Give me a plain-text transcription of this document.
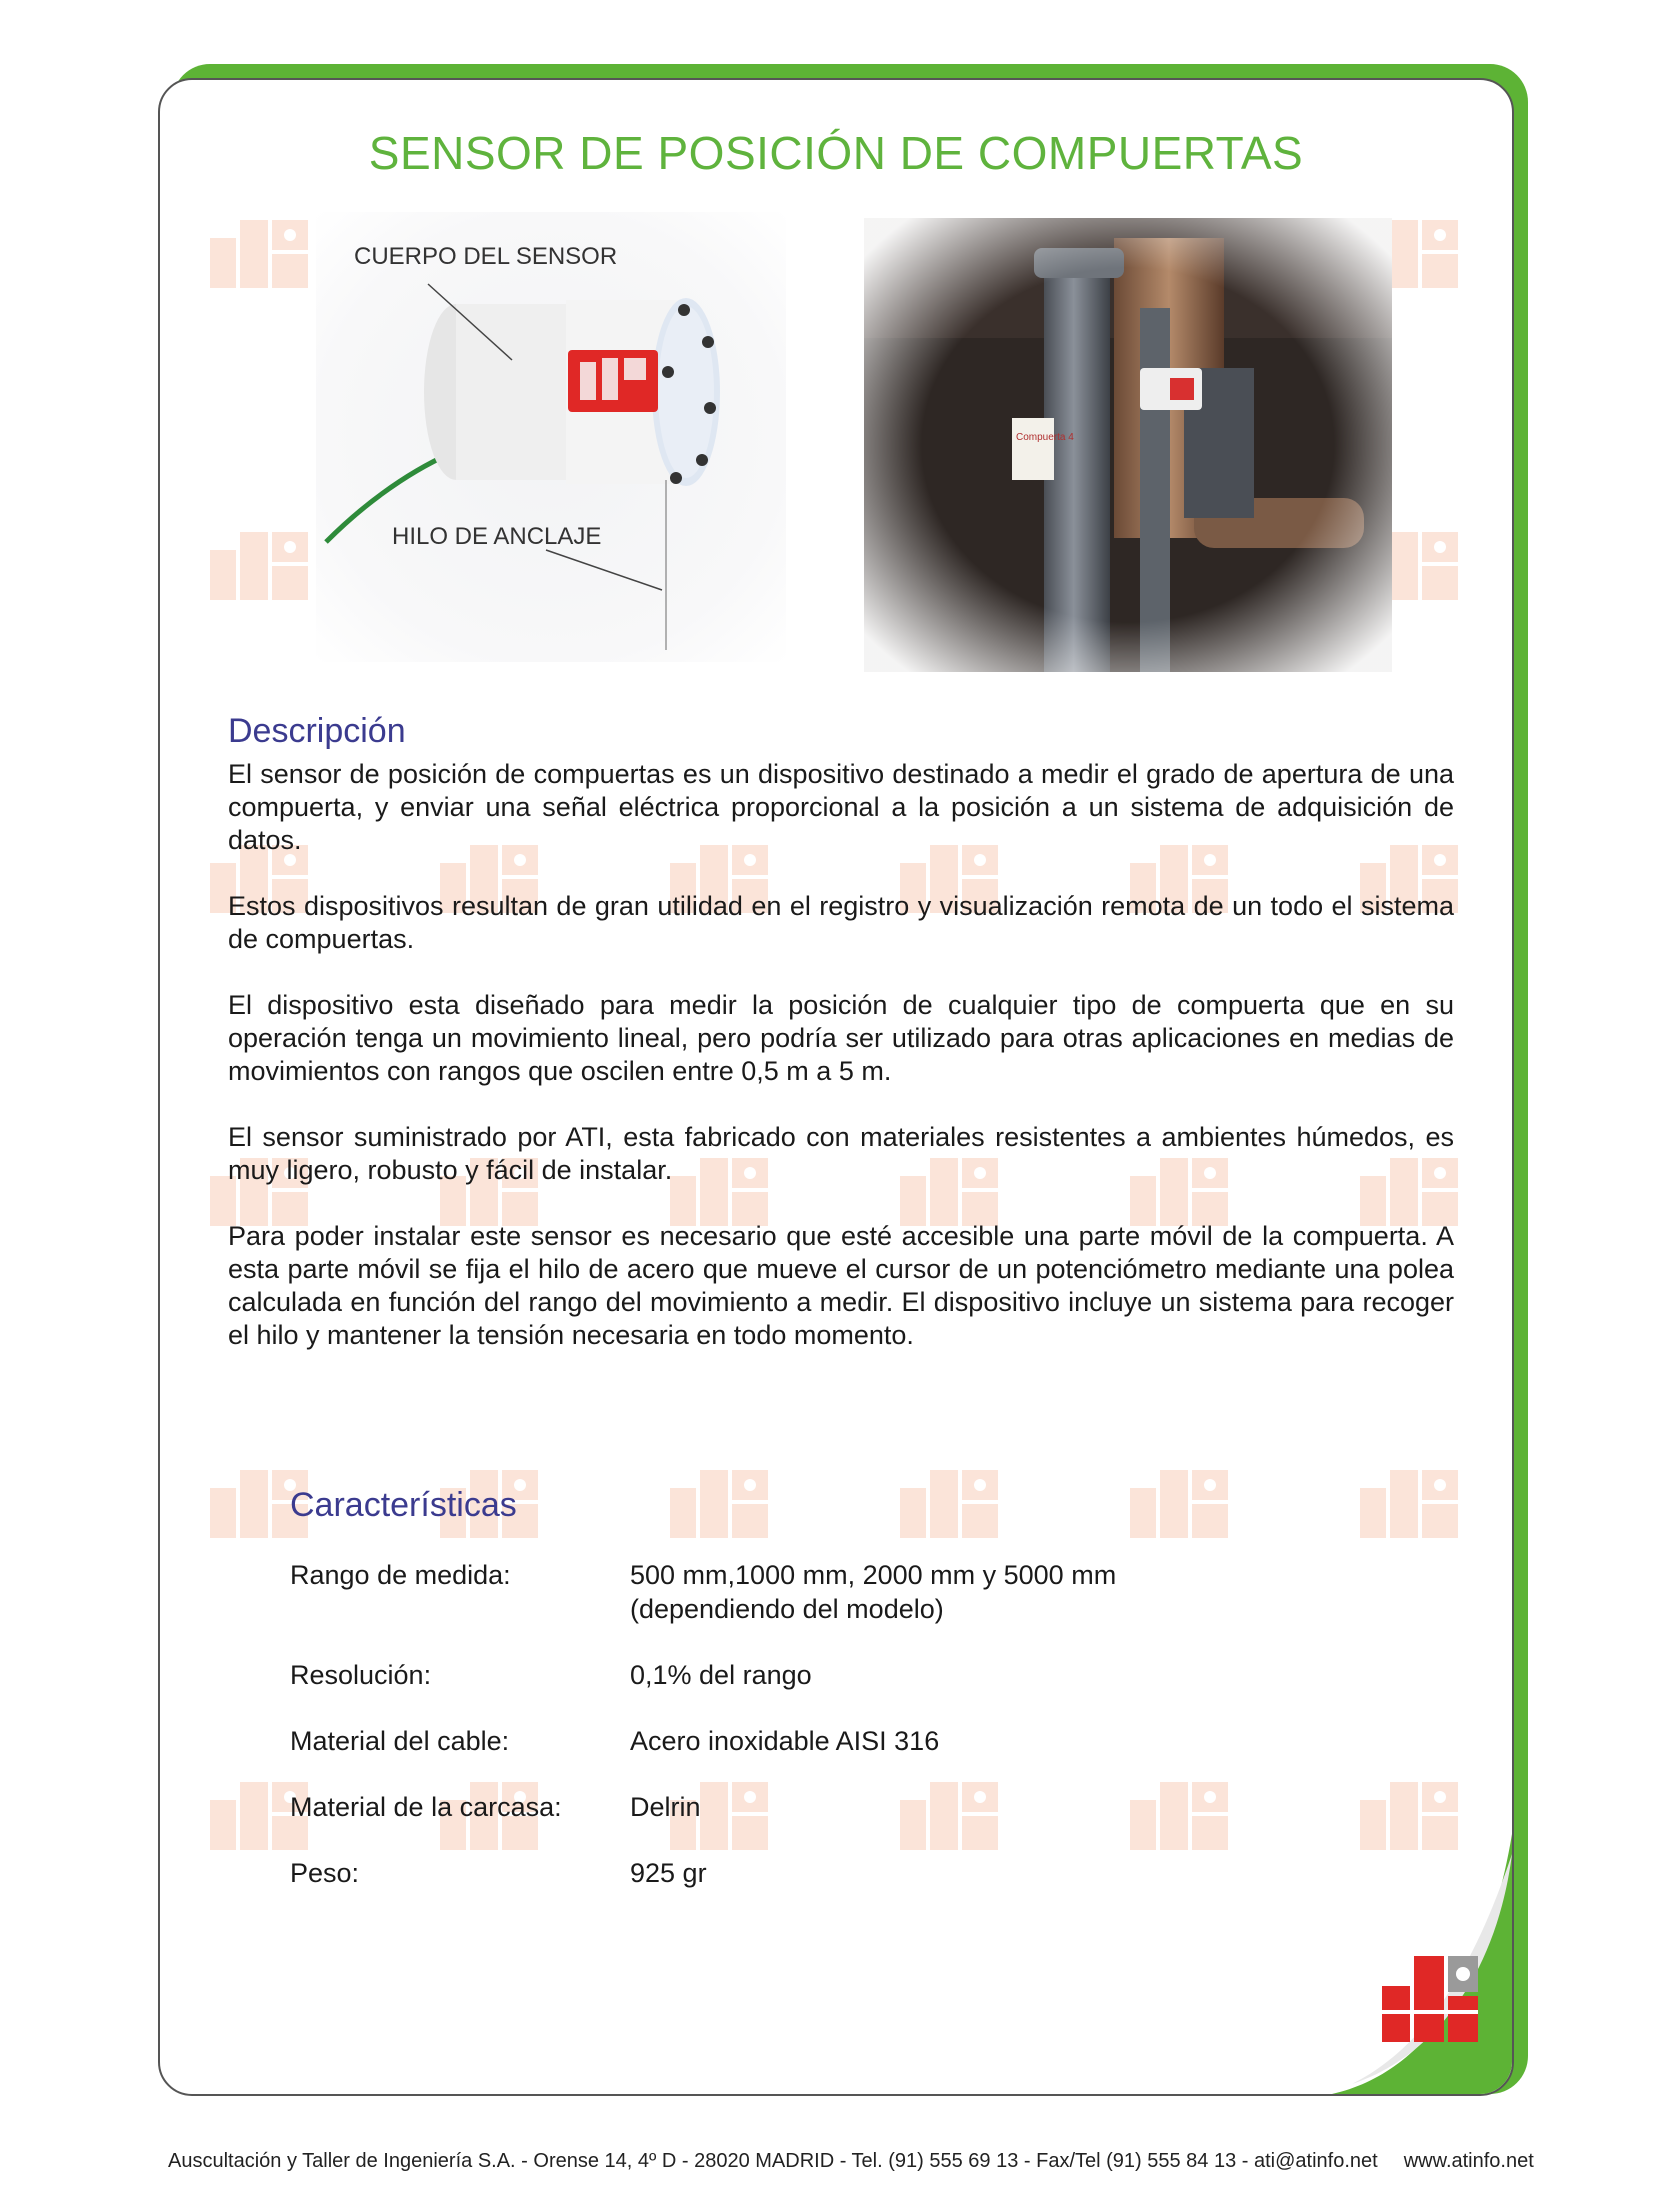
SENSOR DE POSICIÓN DE COMPUERTAS
CUERPO DEL SENSOR
HILO DE ANCLAJE
Descripción

El sensor de posición de compuertas es un dispositivo destinado a medir el grado de apertura de una compuerta, y enviar una señal eléctrica proporcional a la posición a un sistema de adquisición de datos.

Estos dispositivos resultan de gran utilidad en el registro y visualización remota de un todo el sistema de compuertas.

El dispositivo esta diseñado para medir la posición de cualquier tipo de compuerta que en su operación tenga un movimiento lineal, pero podría ser utilizado para otras aplicaciones en medias de movimientos con rangos que oscilen entre 0,5 m a 5 m.

El sensor suministrado por ATI, esta fabricado con materiales resistentes a ambientes húmedos, es muy ligero, robusto y fácil de instalar.

Para poder instalar este sensor es necesario que esté accesible una parte móvil de la compuerta. A esta parte móvil se fija el hilo de acero que mueve el cursor de un potenciómetro mediante una polea calculada en función del rango del movimiento a medir. El dispositivo incluye un sistema para recoger el hilo y mantener la tensión necesaria en todo momento.

Características
Rango de medida:	500 mm,1000 mm, 2000 mm y 5000 mm
(dependiendo del modelo)
Resolución:	0,1% del rango
Material del cable:	Acero inoxidable AISI 316
Material de la carcasa:	Delrin
Peso:	925 gr
Auscultación y Taller de Ingeniería S.A. - Orense 14, 4º D - 28020 MADRID - Tel. (91) 555 69 13 - Fax/Tel (91) 555 84 13 - ati@atinfo.net www.atinfo.net
